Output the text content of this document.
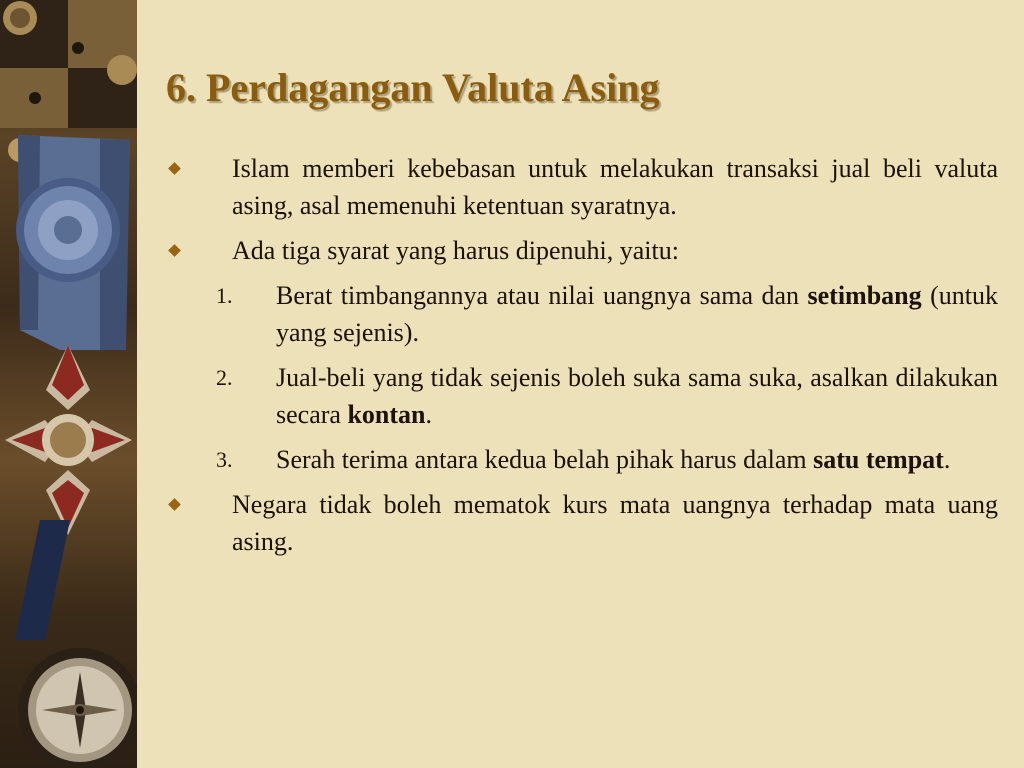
6. Perdagangan Valuta Asing
Islam memberi kebebasan untuk melakukan transaksi jual beli valuta asing, asal memenuhi ketentuan syaratnya.
Ada tiga syarat yang harus dipenuhi, yaitu:
1. Berat timbangannya atau nilai uangnya sama dan setimbang (untuk yang sejenis).
2. Jual-beli yang tidak sejenis boleh suka sama suka, asalkan dilakukan secara kontan.
3. Serah terima antara kedua belah pihak harus dalam satu tempat.
Negara tidak boleh mematok kurs mata uangnya terhadap mata uang asing.
